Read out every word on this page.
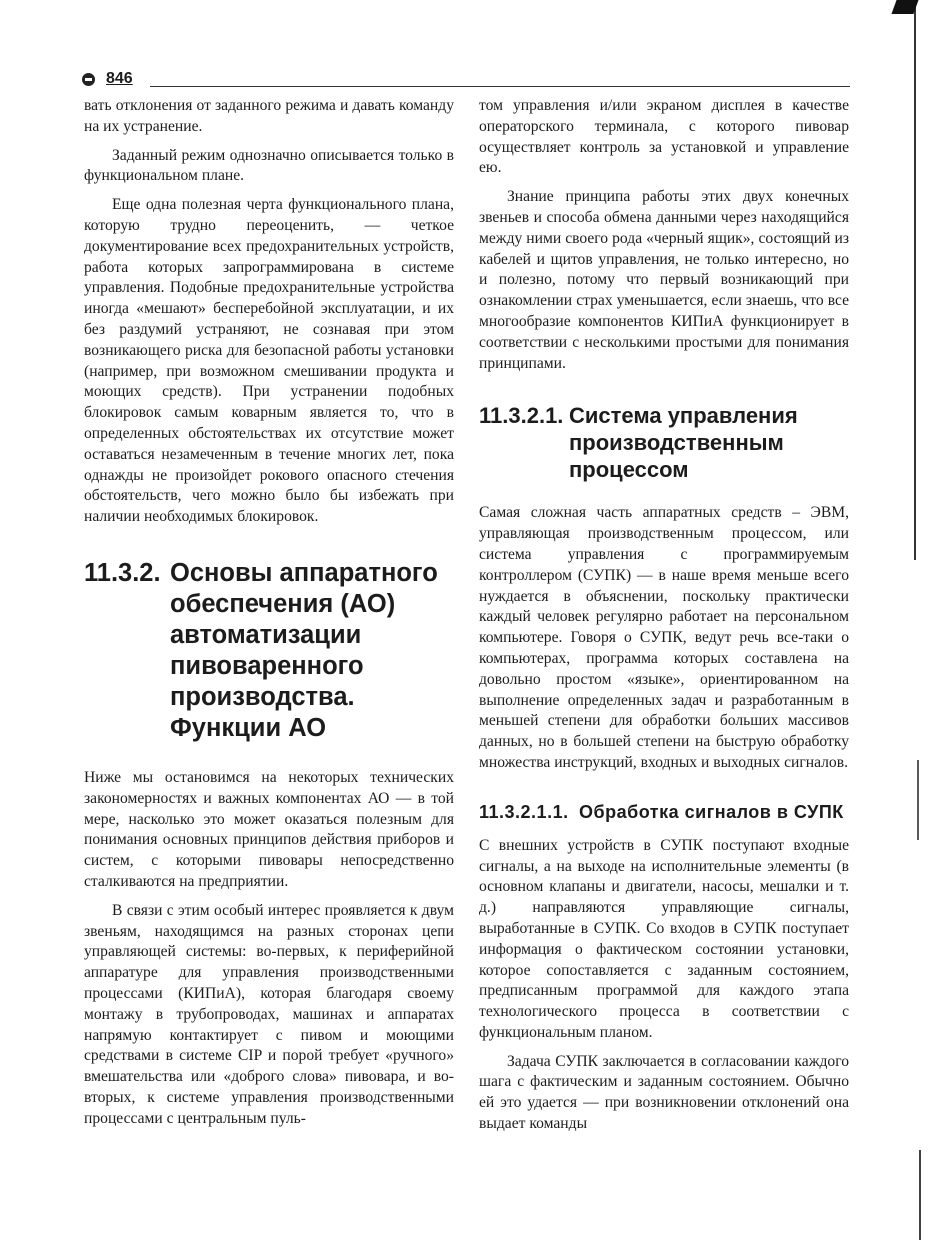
846

вать отклонения от заданного режима и давать команду на их устранение.

Заданный режим однозначно описывается только в функциональном плане.

Еще одна полезная черта функционального плана, которую трудно переоценить, — четкое документирование всех предохранительных устройств, работа которых запрограммирована в системе управления. Подобные предохранительные устройства иногда «мешают» бесперебойной эксплуатации, и их без раздумий устраняют, не сознавая при этом возникающего риска для безопасной работы установки (например, при возможном смешивании продукта и моющих средств). При устранении подобных блокировок самым коварным является то, что в определенных обстоятельствах их отсутствие может оставаться незамеченным в течение многих лет, пока однажды не произойдет рокового опасного стечения обстоятельств, чего можно было бы избежать при наличии необходимых блокировок.

11.3.2. Основы аппаратного обеспечения (АО) автоматизации пивоваренного производства. Функции АО

Ниже мы остановимся на некоторых технических закономерностях и важных компонентах АО — в той мере, насколько это может оказаться полезным для понимания основных принципов действия приборов и систем, с которыми пивовары непосредственно сталкиваются на предприятии.

В связи с этим особый интерес проявляется к двум звеньям, находящимся на разных сторонах цепи управляющей системы: во-первых, к периферийной аппаратуре для управления производственными процессами (КИПиА), которая благодаря своему монтажу в трубопроводах, машинах и аппаратах напрямую контактирует с пивом и моющими средствами в системе CIP и порой требует «ручного» вмешательства или «доброго слова» пивовара, и во-вторых, к системе управления производственными процессами с центральным пуль-

том управления и/или экраном дисплея в качестве операторского терминала, с которого пивовар осуществляет контроль за установкой и управление ею.

Знание принципа работы этих двух конечных звеньев и способа обмена данными через находящийся между ними своего рода «черный ящик», состоящий из кабелей и щитов управления, не только интересно, но и полезно, потому что первый возникающий при ознакомлении страх уменьшается, если знаешь, что все многообразие компонентов КИПиА функционирует в соответствии с несколькими простыми для понимания принципами.

11.3.2.1. Система управления производственным процессом

Самая сложная часть аппаратных средств – ЭВМ, управляющая производственным процессом, или система управления с программируемым контроллером (СУПК) — в наше время меньше всего нуждается в объяснении, поскольку практически каждый человек регулярно работает на персональном компьютере. Говоря о СУПК, ведут речь все-таки о компьютерах, программа которых составлена на довольно простом «языке», ориентированном на выполнение определенных задач и разработанным в меньшей степени для обработки больших массивов данных, но в большей степени на быструю обработку множества инструкций, входных и выходных сигналов.

11.3.2.1.1. Обработка сигналов в СУПК

С внешних устройств в СУПК поступают входные сигналы, а на выходе на исполнительные элементы (в основном клапаны и двигатели, насосы, мешалки и т. д.) направляются управляющие сигналы, выработанные в СУПК. Со входов в СУПК поступает информация о фактическом состоянии установки, которое сопоставляется с заданным состоянием, предписанным программой для каждого этапа технологического процесса в соответствии с функциональным планом.

Задача СУПК заключается в согласовании каждого шага с фактическим и заданным состоянием. Обычно ей это удается — при возникновении отклонений она выдает команды
